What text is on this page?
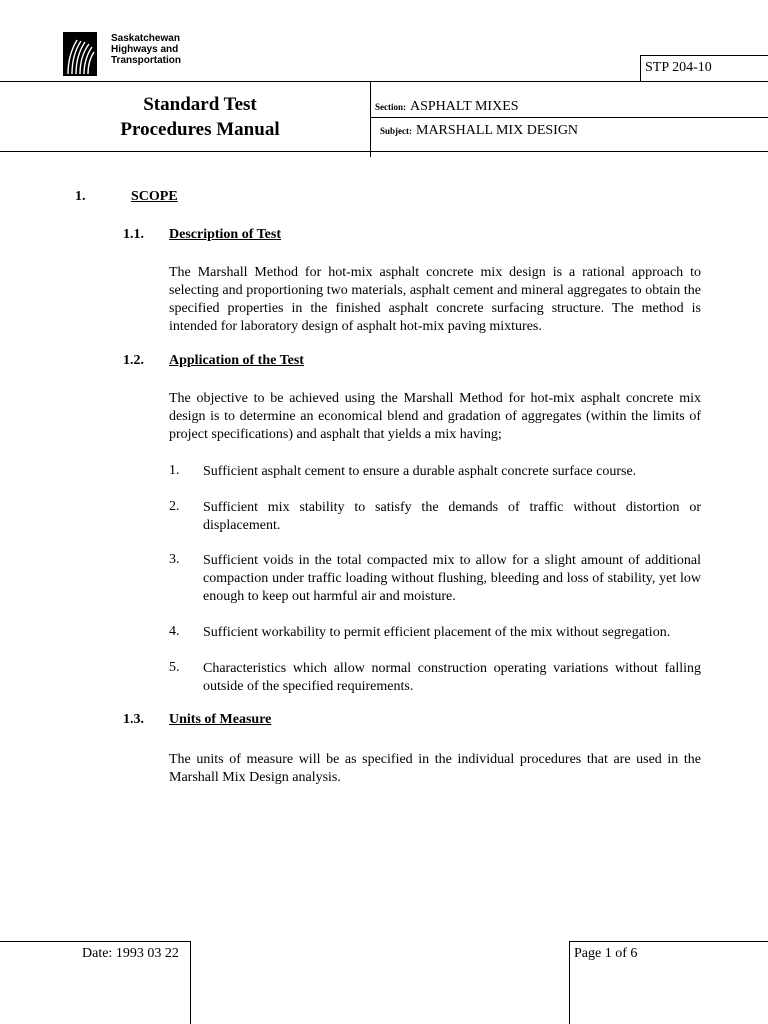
Saskatchewan
Highways and
Transportation	STP 204-10
Standard Test
Procedures Manual
Section: ASPHALT MIXES
Subject: MARSHALL MIX DESIGN
1.	SCOPE
1.1. Description of Test
The Marshall Method for hot-mix asphalt concrete mix design is a rational approach to selecting and proportioning two materials, asphalt cement and mineral aggregates to obtain the specified properties in the finished asphalt concrete surfacing structure. The method is intended for laboratory design of asphalt hot-mix paving mixtures.
1.2. Application of the Test
The objective to be achieved using the Marshall Method for hot-mix asphalt concrete mix design is to determine an economical blend and gradation of aggregates (within the limits of project specifications) and asphalt that yields a mix having;
1. Sufficient asphalt cement to ensure a durable asphalt concrete surface course.
2. Sufficient mix stability to satisfy the demands of traffic without distortion or displacement.
3. Sufficient voids in the total compacted mix to allow for a slight amount of additional compaction under traffic loading without flushing, bleeding and loss of stability, yet low enough to keep out harmful air and moisture.
4. Sufficient workability to permit efficient placement of the mix without segregation.
5. Characteristics which allow normal construction operating variations without falling outside of the specified requirements.
1.3. Units of Measure
The units of measure will be as specified in the individual procedures that are used in the Marshall Mix Design analysis.
Date: 1993 03 22	Page 1 of 6
